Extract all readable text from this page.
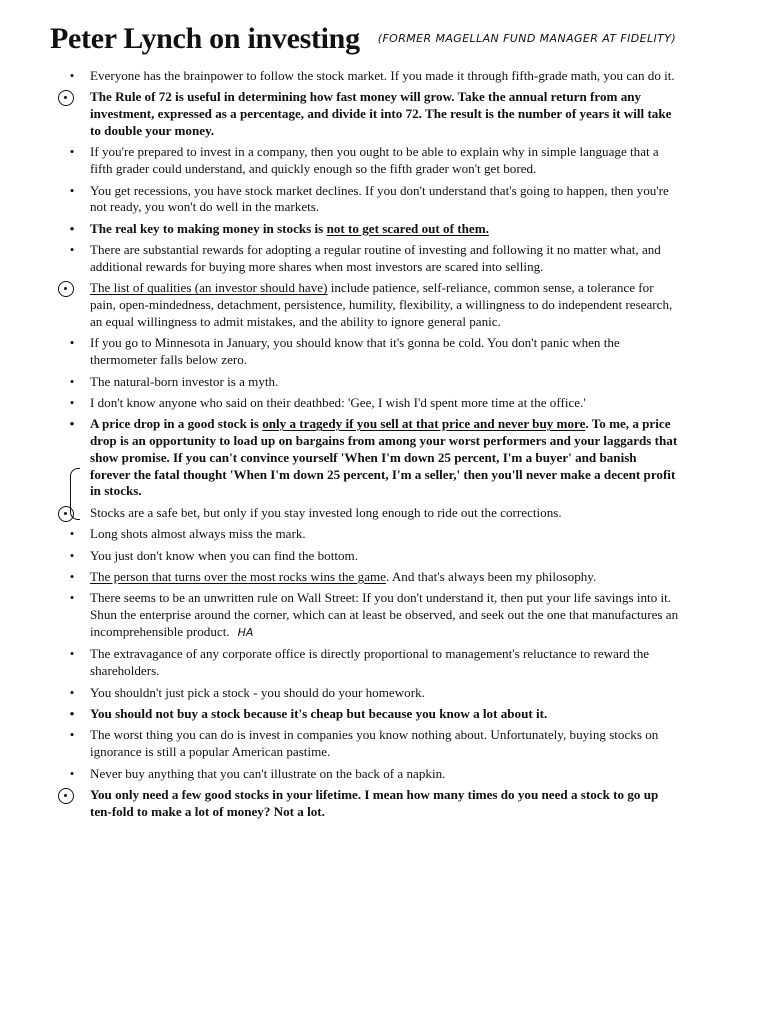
Peter Lynch on investing (FORMER MAGELLAN FUND MANAGER AT FIDELITY)
• Everyone has the brainpower to follow the stock market. If you made it through fifth-grade math, you can do it.
The Rule of 72 is useful in determining how fast money will grow. Take the annual return from any investment, expressed as a percentage, and divide it into 72. The result is the number of years it will take to double your money.
• If you're prepared to invest in a company, then you ought to be able to explain why in simple language that a fifth grader could understand, and quickly enough so the fifth grader won't get bored.
• You get recessions, you have stock market declines. If you don't understand that's going to happen, then you're not ready, you won't do well in the markets.
• The real key to making money in stocks is not to get scared out of them.
• There are substantial rewards for adopting a regular routine of investing and following it no matter what, and additional rewards for buying more shares when most investors are scared into selling.
The list of qualities (an investor should have) include patience, self-reliance, common sense, a tolerance for pain, open-mindedness, detachment, persistence, humility, flexibility, a willingness to do independent research, an equal willingness to admit mistakes, and the ability to ignore general panic.
• If you go to Minnesota in January, you should know that it's gonna be cold. You don't panic when the thermometer falls below zero.
• The natural-born investor is a myth.
• I don't know anyone who said on their deathbed: 'Gee, I wish I'd spent more time at the office.'
• A price drop in a good stock is only a tragedy if you sell at that price and never buy more. To me, a price drop is an opportunity to load up on bargains from among your worst performers and your laggards that show promise. If you can't convince yourself 'When I'm down 25 percent, I'm a buyer' and banish forever the fatal thought 'When I'm down 25 percent, I'm a seller,' then you'll never make a decent profit in stocks.
Stocks are a safe bet, but only if you stay invested long enough to ride out the corrections.
• Long shots almost always miss the mark.
• You just don't know when you can find the bottom.
• The person that turns over the most rocks wins the game. And that's always been my philosophy.
• There seems to be an unwritten rule on Wall Street: If you don't understand it, then put your life savings into it. Shun the enterprise around the corner, which can at least be observed, and seek out the one that manufactures an incomprehensible product. HA
• The extravagance of any corporate office is directly proportional to management's reluctance to reward the shareholders.
• You shouldn't just pick a stock - you should do your homework.
• You should not buy a stock because it's cheap but because you know a lot about it.
• The worst thing you can do is invest in companies you know nothing about. Unfortunately, buying stocks on ignorance is still a popular American pastime.
• Never buy anything that you can't illustrate on the back of a napkin.
You only need a few good stocks in your lifetime. I mean how many times do you need a stock to go up ten-fold to make a lot of money? Not a lot.
